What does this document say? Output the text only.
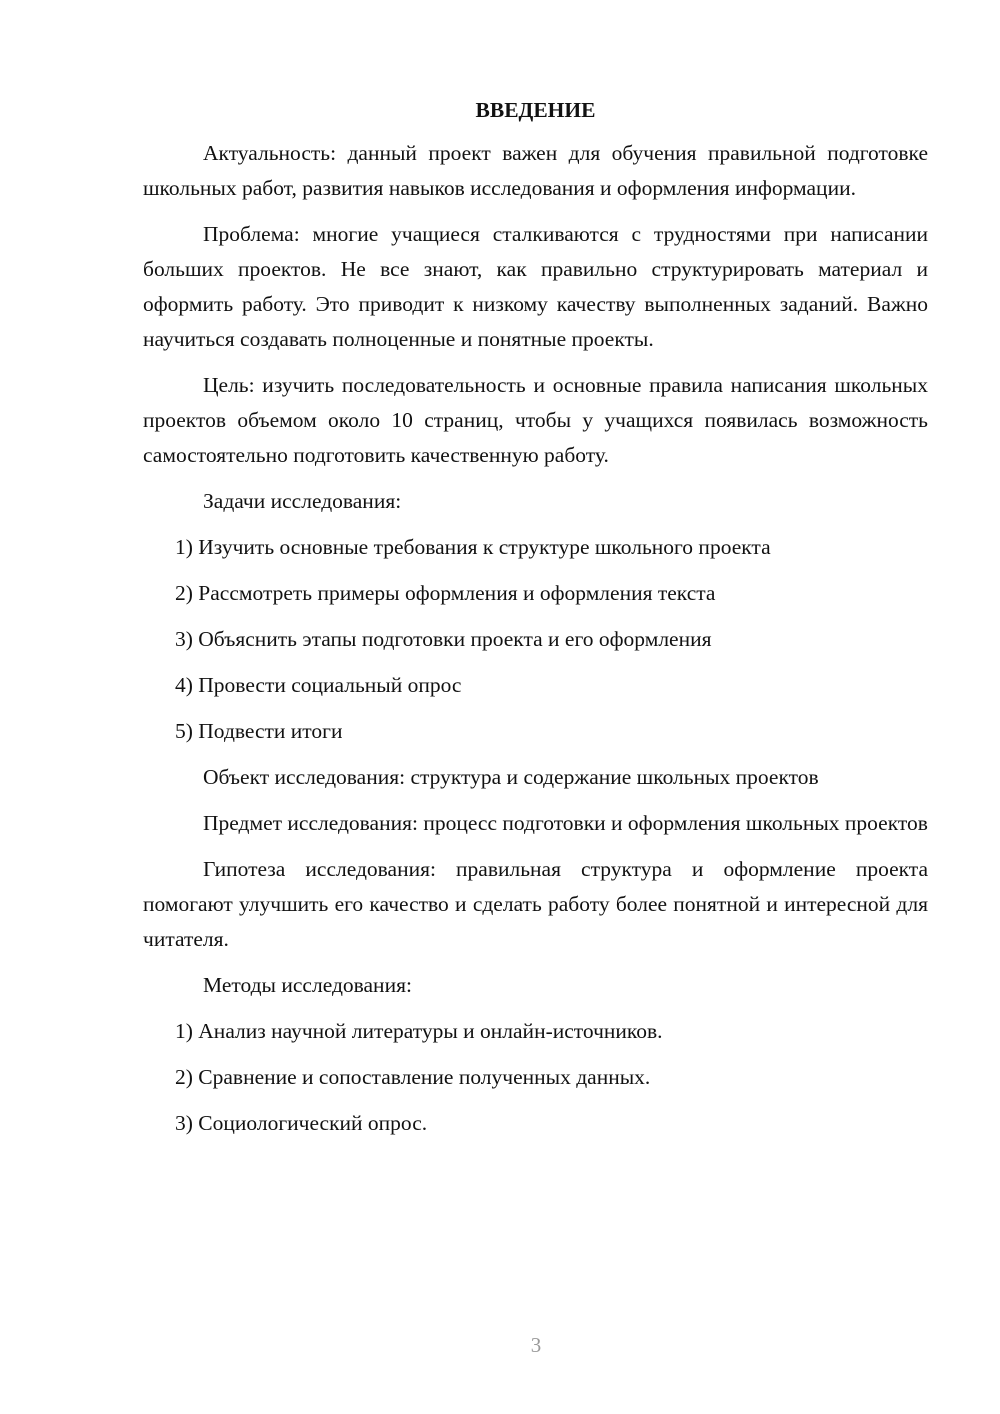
ВВЕДЕНИЕ

Актуальность: данный проект важен для обучения правильной подготовке школьных работ, развития навыков исследования и оформления информации.

Проблема: многие учащиеся сталкиваются с трудностями при написании больших проектов. Не все знают, как правильно структурировать материал и оформить работу. Это приводит к низкому качеству выполненных заданий. Важно научиться создавать полноценные и понятные проекты.

Цель: изучить последовательность и основные правила написания школьных проектов объемом около 10 страниц, чтобы у учащихся появилась возможность самостоятельно подготовить качественную работу.

Задачи исследования:

1) Изучить основные требования к структуре школьного проекта
2) Рассмотреть примеры оформления и оформления текста
3) Объяснить этапы подготовки проекта и его оформления
4) Провести социальный опрос
5) Подвести итоги

Объект исследования: структура и содержание школьных проектов

Предмет исследования: процесс подготовки и оформления школьных проектов

Гипотеза исследования: правильная структура и оформление проекта помогают улучшить его качество и сделать работу более понятной и интересной для читателя.

Методы исследования:

1) Анализ научной литературы и онлайн-источников.
2) Сравнение и сопоставление полученных данных.
3) Социологический опрос.
3
